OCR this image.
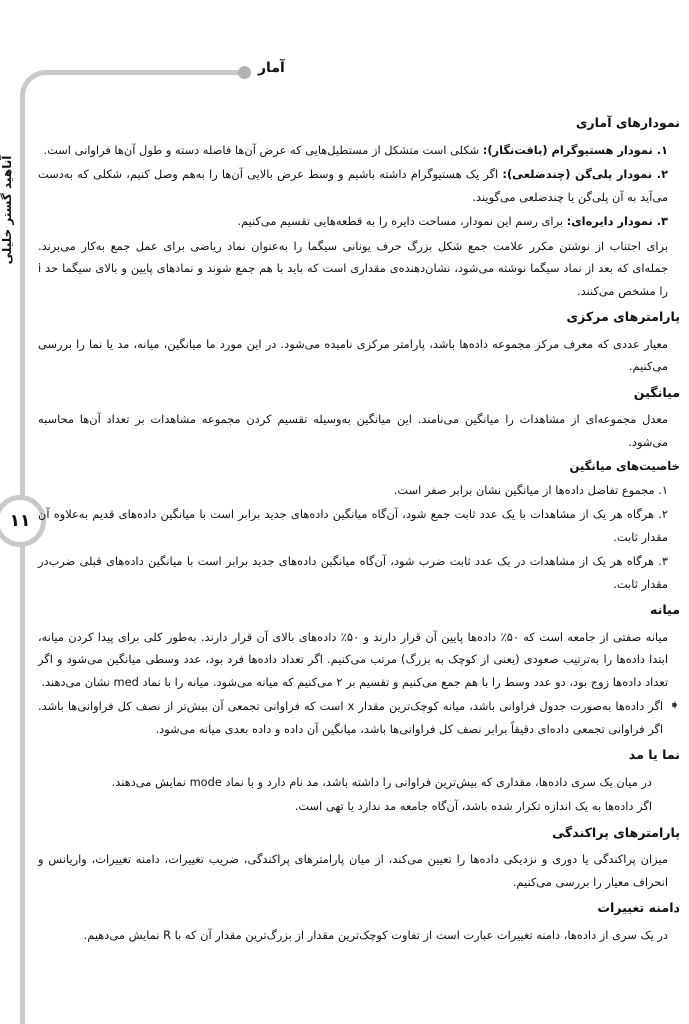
آناهید گستر خلیلی
۱۱
آمار
نمودارهای آماری

۱. نمودار هستیوگرام (بافت‌نگار): شکلی است متشکل از مستطیل‌هایی که عرض آن‌ها فاصله دسته و طول آن‌ها فراوانی است.

۲. نمودار پلی‌گن (چندضلعی): اگر یک هستیوگرام داشته باشیم و وسط عرض بالایی آن‌ها را به‌هم وصل کنیم، شکلی که به‌دست می‌آید به آن پلی‌گن یا چندضلعی می‌گویند.

۳. نمودار دایره‌ای: برای رسم این نمودار، مساحت دایره را به قطعه‌هایی تقسیم می‌کنیم.

برای اجتناب از نوشتن مکرر علامت جمع شکل بزرگ حرف یونانی سیگما را به‌عنوان نماد ریاضی برای عمل جمع به‌کار می‌برند. جمله‌ای که بعد از نماد سیگما نوشته می‌شود، نشان‌دهنده‌ی مقداری است که باید با هم جمع شوند و نمادهای پایین و بالای سیگما حد i را مشخص می‌کنند.

پارامترهای مرکزی

معیار عددی که معرف مرکز مجموعه داده‌ها باشد، پارامتر مرکزی نامیده می‌شود. در این مورد ما میانگین، میانه، مد یا نما را بررسی می‌کنیم.

میانگین

معدل مجموعه‌ای از مشاهدات را میانگین می‌نامند. این میانگین به‌وسیله تقسیم کردن مجموعه مشاهدات بر تعداد آن‌ها محاسبه می‌شود.

خاصیت‌های میانگین

۱. مجموع تفاضل داده‌ها از میانگین نشان برابر صفر است.

۲. هرگاه هر یک از مشاهدات با یک عدد ثابت جمع شود، آن‌گاه میانگین داده‌های جدید برابر است با میانگین داده‌های قدیم به‌علاوه آن مقدار ثابت.

۳. هرگاه هر یک از مشاهدات در یک عدد ثابت ضرب شود، آن‌گاه میانگین داده‌های جدید برابر است با میانگین داده‌های قبلی ضرب‌در مقدار ثابت.

میانه

میانه صفتی از جامعه است که ۵۰٪ داده‌ها پایین آن قرار دارند و ۵۰٪ داده‌های بالای آن قرار دارند. به‌طور کلی برای پیدا کردن میانه، ابتدا داده‌ها را به‌ترتیب صعودی (یعنی از کوچک به بزرگ) مرتب می‌کنیم. اگر تعداد داده‌ها فرد بود، عدد وسطی میانگین می‌شود و اگر تعداد داده‌ها زوج بود، دو عدد وسط را با هم جمع می‌کنیم و تقسیم بر ۲ می‌کنیم که میانه می‌شود. میانه را با نماد med نشان می‌دهند.

➧
اگر داده‌ها به‌صورت جدول فراوانی باشد، میانه کوچک‌ترین مقدار x است که فراوانی تجمعی آن بیش‌تر از نصف کل فراوانی‌ها باشد. اگر فراوانی تجمعی داده‌ای دقیقاً برابر نصف کل فراوانی‌ها باشد، میانگین آن داده و داده بعدی میانه می‌شود.
نما یا مد

در میان یک سری داده‌ها، مقداری که بیش‌ترین فراوانی را داشته باشد، مد نام دارد و با نماد mode نمایش می‌دهند.

اگر داده‌ها به یک اندازه تکرار شده باشد، آن‌گاه جامعه مد ندارد یا تهی است.

پارامترهای پراکندگی

میزان پراکندگی یا دوری و نزدیکی داده‌ها را تعیین می‌کند، از میان پارامترهای پراکندگی، ضریب تغییرات، دامنه تغییرات، واریانس و انحراف معیار را بررسی می‌کنیم.

دامنه تغییرات

در یک سری از داده‌ها، دامنه تغییرات عبارت است از تفاوت کوچک‌ترین مقدار از بزرگ‌ترین مقدار آن که با R نمایش می‌دهیم.
